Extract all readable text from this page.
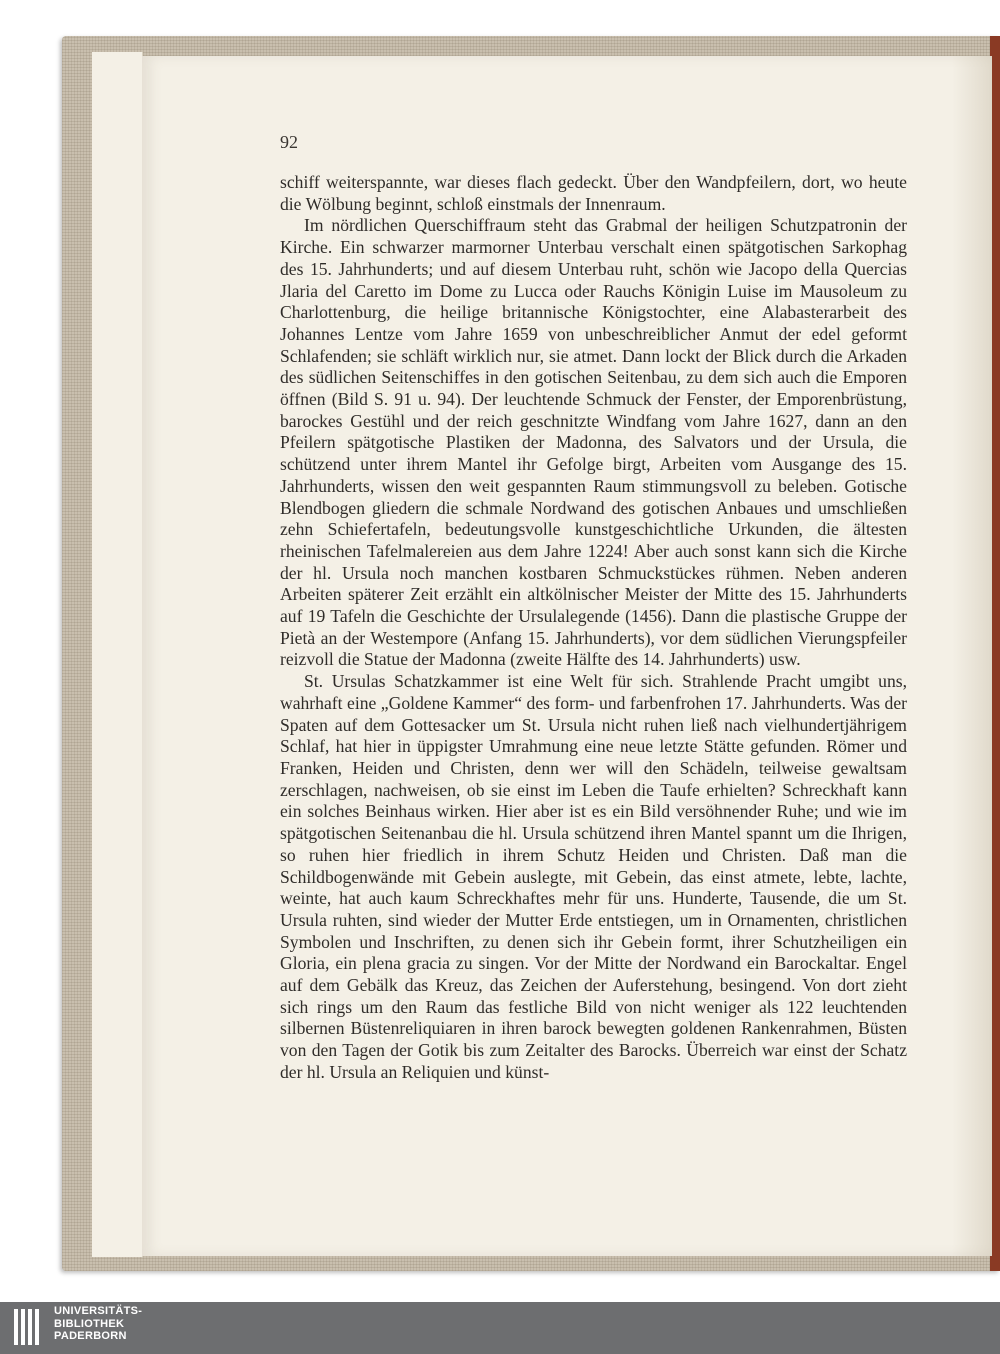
92

schiff weiterspannte, war dieses flach gedeckt. Über den Wandpfeilern, dort, wo heute die Wölbung beginnt, schloß einstmals der Innenraum.

Im nördlichen Querschiffraum steht das Grabmal der heiligen Schutzpatronin der Kirche. Ein schwarzer marmorner Unterbau verschalt einen spätgotischen Sarkophag des 15. Jahrhunderts; und auf diesem Unterbau ruht, schön wie Jacopo della Quercias Jlaria del Caretto im Dome zu Lucca oder Rauchs Königin Luise im Mausoleum zu Charlottenburg, die heilige britannische Königstochter, eine Alabasterarbeit des Johannes Lentze vom Jahre 1659 von unbeschreiblicher Anmut der edel geformt Schlafenden; sie schläft wirklich nur, sie atmet. Dann lockt der Blick durch die Arkaden des südlichen Seitenschiffes in den gotischen Seitenbau, zu dem sich auch die Emporen öffnen (Bild S. 91 u. 94). Der leuchtende Schmuck der Fenster, der Emporenbrüstung, barockes Gestühl und der reich geschnitzte Windfang vom Jahre 1627, dann an den Pfeilern spätgotische Plastiken der Madonna, des Salvators und der Ursula, die schützend unter ihrem Mantel ihr Gefolge birgt, Arbeiten vom Ausgange des 15. Jahrhunderts, wissen den weit gespannten Raum stimmungsvoll zu beleben. Gotische Blendbogen gliedern die schmale Nordwand des gotischen Anbaues und umschließen zehn Schiefertafeln, bedeutungsvolle kunstgeschichtliche Urkunden, die ältesten rheinischen Tafelmalereien aus dem Jahre 1224! Aber auch sonst kann sich die Kirche der hl. Ursula noch manchen kostbaren Schmuckstückes rühmen. Neben anderen Arbeiten späterer Zeit erzählt ein altkölnischer Meister der Mitte des 15. Jahrhunderts auf 19 Tafeln die Geschichte der Ursulalegende (1456). Dann die plastische Gruppe der Pietà an der Westempore (Anfang 15. Jahrhunderts), vor dem südlichen Vierungspfeiler reizvoll die Statue der Madonna (zweite Hälfte des 14. Jahrhunderts) usw.

St. Ursulas Schatzkammer ist eine Welt für sich. Strahlende Pracht umgibt uns, wahrhaft eine „Goldene Kammer“ des form- und farbenfrohen 17. Jahrhunderts. Was der Spaten auf dem Gottesacker um St. Ursula nicht ruhen ließ nach vielhundertjährigem Schlaf, hat hier in üppigster Umrahmung eine neue letzte Stätte gefunden. Römer und Franken, Heiden und Christen, denn wer will den Schädeln, teilweise gewaltsam zerschlagen, nachweisen, ob sie einst im Leben die Taufe erhielten? Schreckhaft kann ein solches Beinhaus wirken. Hier aber ist es ein Bild versöhnender Ruhe; und wie im spätgotischen Seitenanbau die hl. Ursula schützend ihren Mantel spannt um die Ihrigen, so ruhen hier friedlich in ihrem Schutz Heiden und Christen. Daß man die Schildbogenwände mit Gebein auslegte, mit Gebein, das einst atmete, lebte, lachte, weinte, hat auch kaum Schreckhaftes mehr für uns. Hunderte, Tausende, die um St. Ursula ruhten, sind wieder der Mutter Erde entstiegen, um in Ornamenten, christlichen Symbolen und Inschriften, zu denen sich ihr Gebein formt, ihrer Schutzheiligen ein Gloria, ein plena gracia zu singen. Vor der Mitte der Nordwand ein Barockaltar. Engel auf dem Gebälk das Kreuz, das Zeichen der Auferstehung, besingend. Von dort zieht sich rings um den Raum das festliche Bild von nicht weniger als 122 leuchtenden silbernen Büstenreliquiaren in ihren barock bewegten goldenen Rankenrahmen, Büsten von den Tagen der Gotik bis zum Zeitalter des Barocks. Überreich war einst der Schatz der hl. Ursula an Reliquien und künst-

UNIVERSITÄTS-
BIBLIOTHEK
PADERBORN
